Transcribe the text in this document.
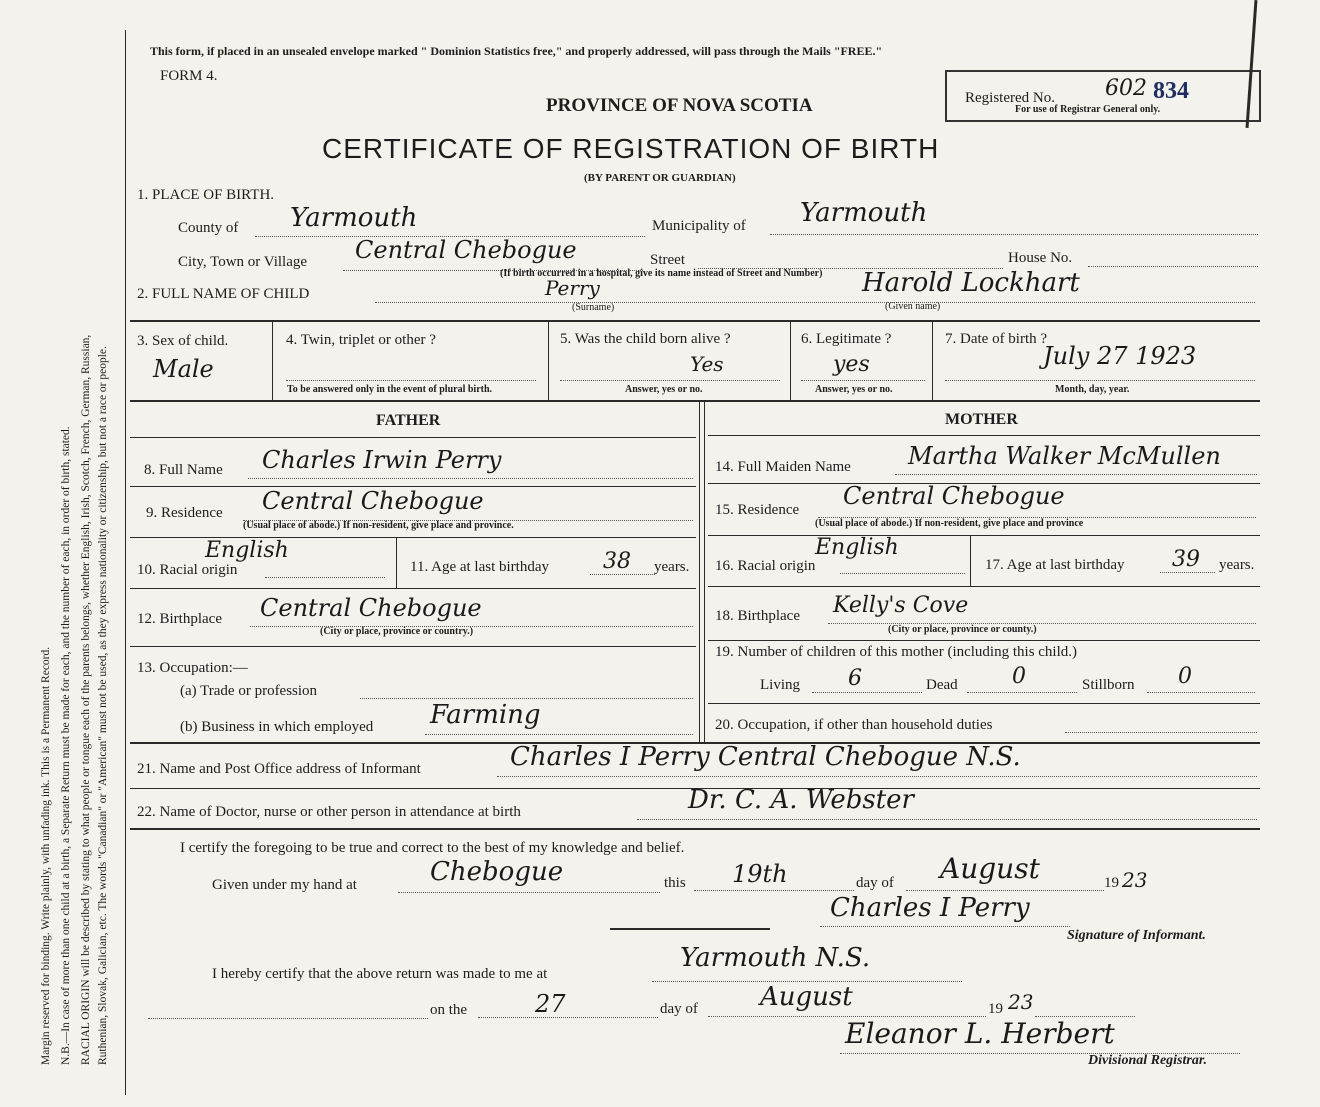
Margin reserved for binding. Write plainly, with unfading ink. This is a Permanent Record. N.B.—In case of more than one child at a birth, a Separate Return must be made for each, and the number of each, in order of birth, stated. RACIAL ORIGIN will be described by stating to what people or tongue each of the parents belongs, whether English, Irish, Scotch, French, German, Russian, Ruthenian, Slovak, Galician, etc. The words "Canadian" or "American" must not be used, as they express nationality or citizenship, but not a race or people.
This form, if placed in an unsealed envelope marked " Dominion Statistics free," and properly addressed, will pass through the Mails "FREE."
FORM 4.
PROVINCE OF NOVA SCOTIA
CERTIFICATE OF REGISTRATION OF BIRTH
(BY PARENT OR GUARDIAN)
Registered No. 602 834
For use of Registrar General only.
1. PLACE OF BIRTH.
County of Yarmouth	Municipality of Yarmouth
City, Town or Village Central Chebogue	Street	House No.
(If birth occurred in a hospital, give its name instead of Street and Number)
2. FULL NAME OF CHILD	Perry
(Surname)
Harold Lockhart
(Given name)
3. Sex of child.
Male
4. Twin, triplet or other ?
To be answered only in the event of plural birth.
5. Was the child born alive ?
Yes
Answer, yes or no.
6. Legitimate ?
yes
Answer, yes or no.
7. Date of birth ?
July 27 1923
Month, day, year.
FATHER	MOTHER
8. Full Name Charles Irwin Perry
9. Residence Central Chebogue
(Usual place of abode.) If non-resident, give place and province.
10. Racial origin
English
11. Age at last birthday 38 years.
12. Birthplace Central Chebogue
(City or place, province or country.)
13. Occupation:—
(a) Trade or profession
(b) Business in which employed Farming
14. Full Maiden Name Martha Walker McMullen
15. Residence Central Chebogue
(Usual place of abode.) If non-resident, give place and province
16. Racial origin
English
17. Age at last birthday 39 years.
18. Birthplace Kelly's Cove
(City or place, province or county.)
19. Number of children of this mother (including this child.)
Living 6	Dead 0	Stillborn 0
20. Occupation, if other than household duties
21. Name and Post Office address of Informant	Charles I Perry Central Chebogue N.S.
22. Name of Doctor, nurse or other person in attendance at birth	Dr. C. A. Webster
I certify the foregoing to be true and correct to the best of my knowledge and belief.
Given under my hand at	Chebogue	this 19th	day of August	19 23
Charles I Perry
Signature of Informant.
I hereby certify that the above return was made to me at
Yarmouth N.S.
on the	27	day of August	19 23
Eleanor L. Herbert
Divisional Registrar.
